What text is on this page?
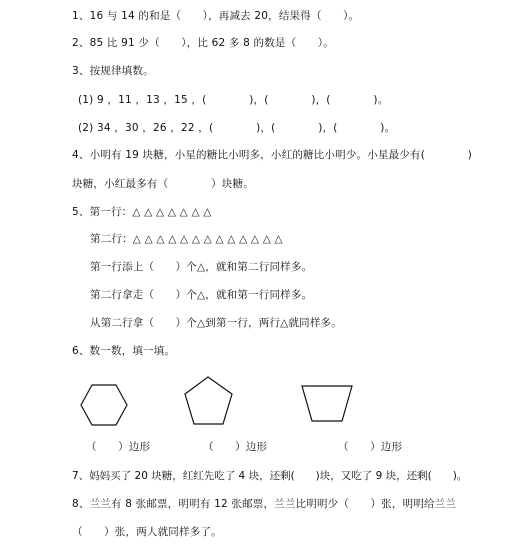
1、16 与 14 的和是（　　），再减去 20，结果得（　　）。
2、85 比 91 少（　　），比 62 多 8 的数是（　　）。
3、按规律填数。
(1) 9 ，11 ，13 ，15 ，(　　　　)，(　　　　)，(　　　　)。
(2) 34 ，30 ，26 ，22 ，(　　　　)，(　　　　)，(　　　　)。
4、小明有 19 块糖，小星的糖比小明多，小红的糖比小明少。小星最少有(　　　　)
块糖，小红最多有（　　　　）块糖。
5、第一行：△ △ △ △ △ △ △
第二行：△ △ △ △ △ △ △ △ △ △ △ △ △
第一行添上（　　）个△，就和第二行同样多。
第二行拿走（　　）个△，就和第一行同样多。
从第二行拿（　　）个△到第一行，两行△就同样多。
6、数一数，填一填。
（　　）边形	（　　）边形	（　　）边形
7、妈妈买了 20 块糖，红红先吃了 4 块，还剩(　　)块，又吃了 9 块，还剩(　　)。
8、兰兰有 8 张邮票，明明有 12 张邮票，兰兰比明明少（　　）张，明明给兰兰
（　　）张，两人就同样多了。
